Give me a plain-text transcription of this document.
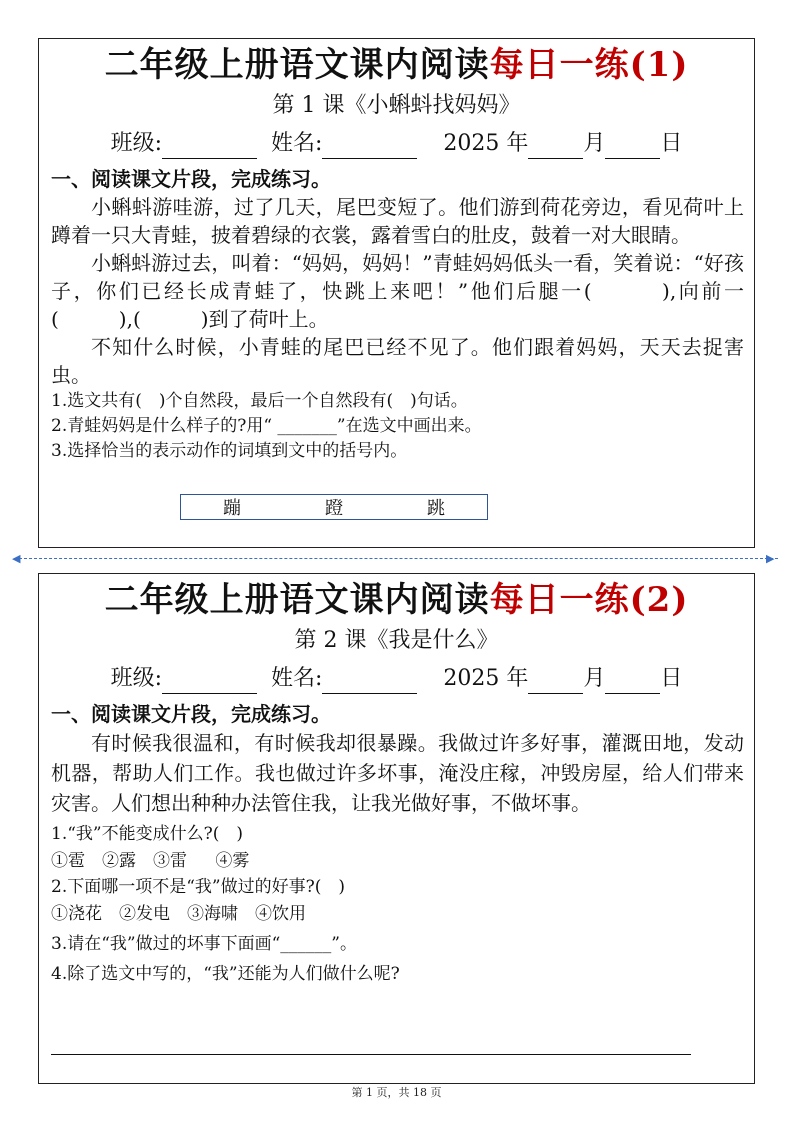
二年级上册语文课内阅读每日一练(1)
第 1 课《小蝌蚪找妈妈》
班级:	姓名:	2025 年	月	日
一、阅读课文片段，完成练习。
小蝌蚪游哇游，过了几天，尾巴变短了。他们游到荷花旁边，看见荷叶上蹲着一只大青蛙，披着碧绿的衣裳，露着雪白的肚皮，鼓着一对大眼睛。
小蝌蚪游过去，叫着：“妈妈，妈妈！”青蛙妈妈低头一看，笑着说：“好孩子，你们已经长成青蛙了，快跳上来吧！”他们后腿一(　　　),向前一(　　　),(　　　)到了荷叶上。
不知什么时候，小青蛙的尾巴已经不见了。他们跟着妈妈，天天去捉害虫。
1.选文共有(　)个自然段，最后一个自然段有(　)句话。
2.青蛙妈妈是什么样子的?用“ _______”在选文中画出来。
3.选择恰当的表示动作的词填到文中的括号内。
蹦	蹬	跳
◀	▶
二年级上册语文课内阅读每日一练(2)
第 2 课《我是什么》
班级:	姓名:	2025 年	月	日
一、阅读课文片段，完成练习。
有时候我很温和，有时候我却很暴躁。我做过许多好事，灌溉田地，发动机器，帮助人们工作。我也做过许多坏事，淹没庄稼，冲毁房屋，给人们带来灾害。人们想出种种办法管住我，让我光做好事，不做坏事。
1.“我”不能变成什么?(　)
①雹　②露　③雷　 ④雾
2.下面哪一项不是“我”做过的好事?(　)
①浇花　②发电　③海啸　④饮用
3.请在“我”做过的坏事下面画“______”。
4.除了选文中写的，“我”还能为人们做什么呢?
第 1 页，共 18 页
